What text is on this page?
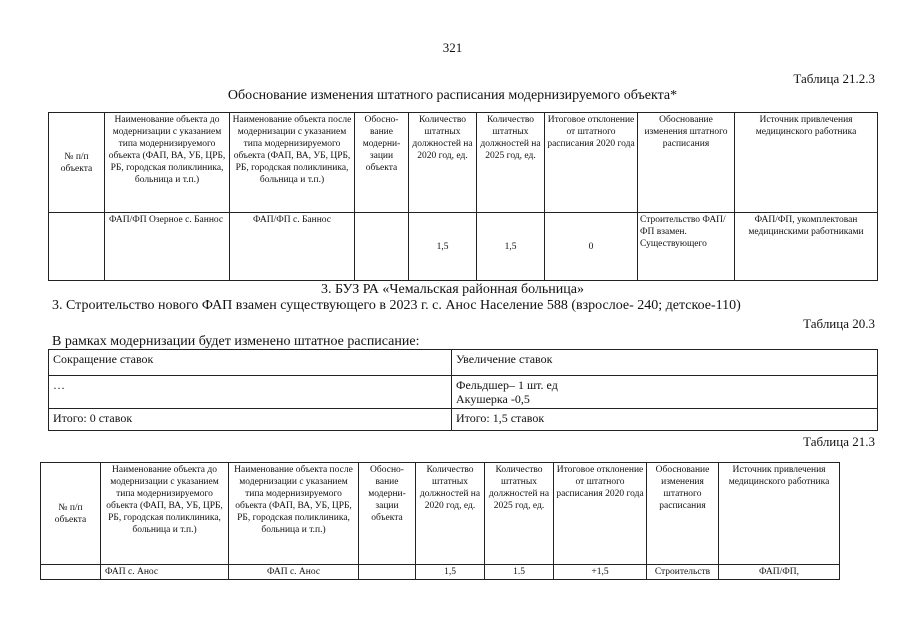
321
Таблица 21.2.3
Обоснование изменения штатного расписания модернизируемого объекта*
№ п/п объекта	Наименование объекта до модернизации с указанием типа модернизируемого объекта (ФАП, ВА, УБ, ЦРБ, РБ, городская поликлиника, больница и т.п.)	Наименование объекта после модернизации с указанием типа модернизируемого объекта (ФАП, ВА, УБ, ЦРБ, РБ, городская поликлиника, больница и т.п.)	Обосно-вание модерни-зации объекта	Количество штатных должностей на 2020 год, ед.	Количество штатных должностей на 2025 год, ед.	Итоговое отклонение от штатного расписания 2020 года	Обоснование изменения штатного расписания	Источник привлечения медицинского работника
	ФАП/ФП Озерное с. Баннос	ФАП/ФП с. Баннос		1,5	1,5	0	Строительство ФАП/ФП взамен. Существующего	ФАП/ФП, укомплектован медицинскими работниками
3. БУЗ РА «Чемальская районная больница»
3. Строительство нового ФАП взамен существующего в 2023 г. с. Анос Население 588 (взрослое- 240; детское-110)
Таблица 20.3
В рамках модернизации будет изменено штатное расписание:
Сокращение ставок	Увеличение ставок
…	Фельдшер– 1 шт. ед
Акушерка -0,5

Итого: 0 ставок	Итого: 1,5 ставок
Таблица 21.3
№ п/п объекта	Наименование объекта до модернизации с указанием типа модернизируемого объекта (ФАП, ВА, УБ, ЦРБ, РБ, городская поликлиника, больница и т.п.)	Наименование объекта после модернизации с указанием типа модернизируемого объекта (ФАП, ВА, УБ, ЦРБ, РБ, городская поликлиника, больница и т.п.)	Обосно-вание модерни-зации объекта	Количество штатных должностей на 2020 год, ед.	Количество штатных должностей на 2025 год, ед.	Итоговое отклонение от штатного расписания 2020 года	Обоснование изменения штатного расписания	Источник привлечения медицинского работника
	ФАП с. Анос	ФАП с. Анос		1,5	1.5	+1,5	Строительств	ФАП/ФП,
